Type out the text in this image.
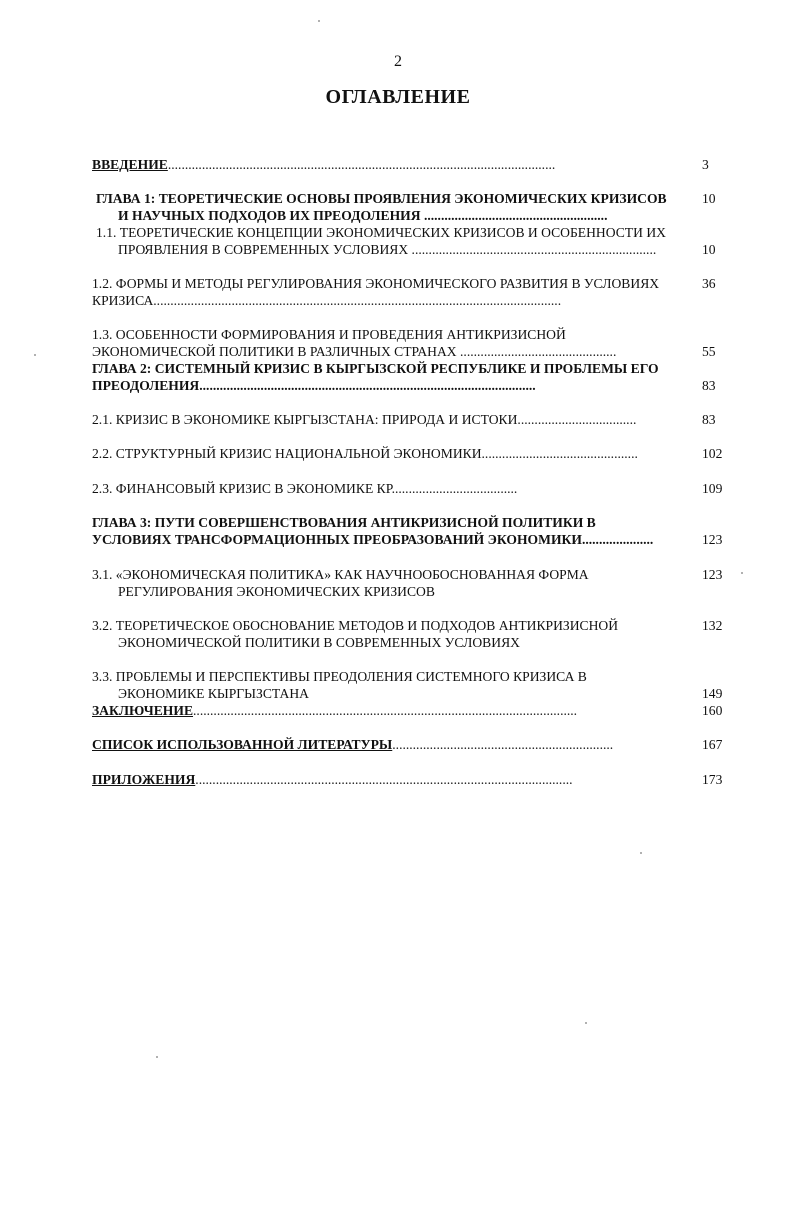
2
ОГЛАВЛЕНИЕ
ВВЕДЕНИЕ..................................................................................................................	3
ГЛАВА 1: ТЕОРЕТИЧЕСКИЕ ОСНОВЫ ПРОЯВЛЕНИЯ ЭКОНОМИЧЕСКИХ КРИЗИСОВ	10
И НАУЧНЫХ ПОДХОДОВ ИХ ПРЕОДОЛЕНИЯ ......................................................
1.1. ТЕОРЕТИЧЕСКИЕ КОНЦЕПЦИИ ЭКОНОМИЧЕСКИХ КРИЗИСОВ И ОСОБЕННОСТИ ИХ
ПРОЯВЛЕНИЯ В СОВРЕМЕННЫХ УСЛОВИЯХ ........................................................................	10
1.2. ФОРМЫ И МЕТОДЫ РЕГУЛИРОВАНИЯ ЭКОНОМИЧЕСКОГО РАЗВИТИЯ В УСЛОВИЯХ	36
КРИЗИСА........................................................................................................................
1.3. ОСОБЕННОСТИ ФОРМИРОВАНИЯ И ПРОВЕДЕНИЯ АНТИКРИЗИСНОЙ
ЭКОНОМИЧЕСКОЙ ПОЛИТИКИ В РАЗЛИЧНЫХ СТРАНАХ ..............................................	55
ГЛАВА 2: СИСТЕМНЫЙ КРИЗИС В КЫРГЫЗСКОЙ РЕСПУБЛИКЕ И ПРОБЛЕМЫ ЕГО
ПРЕОДОЛЕНИЯ...................................................................................................	83
2.1. КРИЗИС В ЭКОНОМИКЕ КЫРГЫЗСТАНА: ПРИРОДА И ИСТОКИ...................................	83
2.2. СТРУКТУРНЫЙ КРИЗИС НАЦИОНАЛЬНОЙ ЭКОНОМИКИ..............................................	102
2.3. ФИНАНСОВЫЙ КРИЗИС В ЭКОНОМИКЕ КР.....................................	109
ГЛАВА 3: ПУТИ СОВЕРШЕНСТВОВАНИЯ АНТИКРИЗИСНОЙ ПОЛИТИКИ В
УСЛОВИЯХ ТРАНСФОРМАЦИОННЫХ ПРЕОБРАЗОВАНИЙ ЭКОНОМИКИ.....................	123
3.1. «ЭКОНОМИЧЕСКАЯ ПОЛИТИКА» КАК НАУЧНООБОСНОВАННАЯ ФОРМА	123
РЕГУЛИРОВАНИЯ ЭКОНОМИЧЕСКИХ КРИЗИСОВ
3.2. ТЕОРЕТИЧЕСКОЕ ОБОСНОВАНИЕ МЕТОДОВ И ПОДХОДОВ АНТИКРИЗИСНОЙ	132
ЭКОНОМИЧЕСКОЙ ПОЛИТИКИ В СОВРЕМЕННЫХ УСЛОВИЯХ
3.3. ПРОБЛЕМЫ И ПЕРСПЕКТИВЫ ПРЕОДОЛЕНИЯ СИСТЕМНОГО КРИЗИСА В
ЭКОНОМИКЕ КЫРГЫЗСТАНА	149
ЗАКЛЮЧЕНИЕ.................................................................................................................	160
СПИСОК ИСПОЛЬЗОВАННОЙ ЛИТЕРАТУРЫ.................................................................	167
ПРИЛОЖЕНИЯ...............................................................................................................	173
